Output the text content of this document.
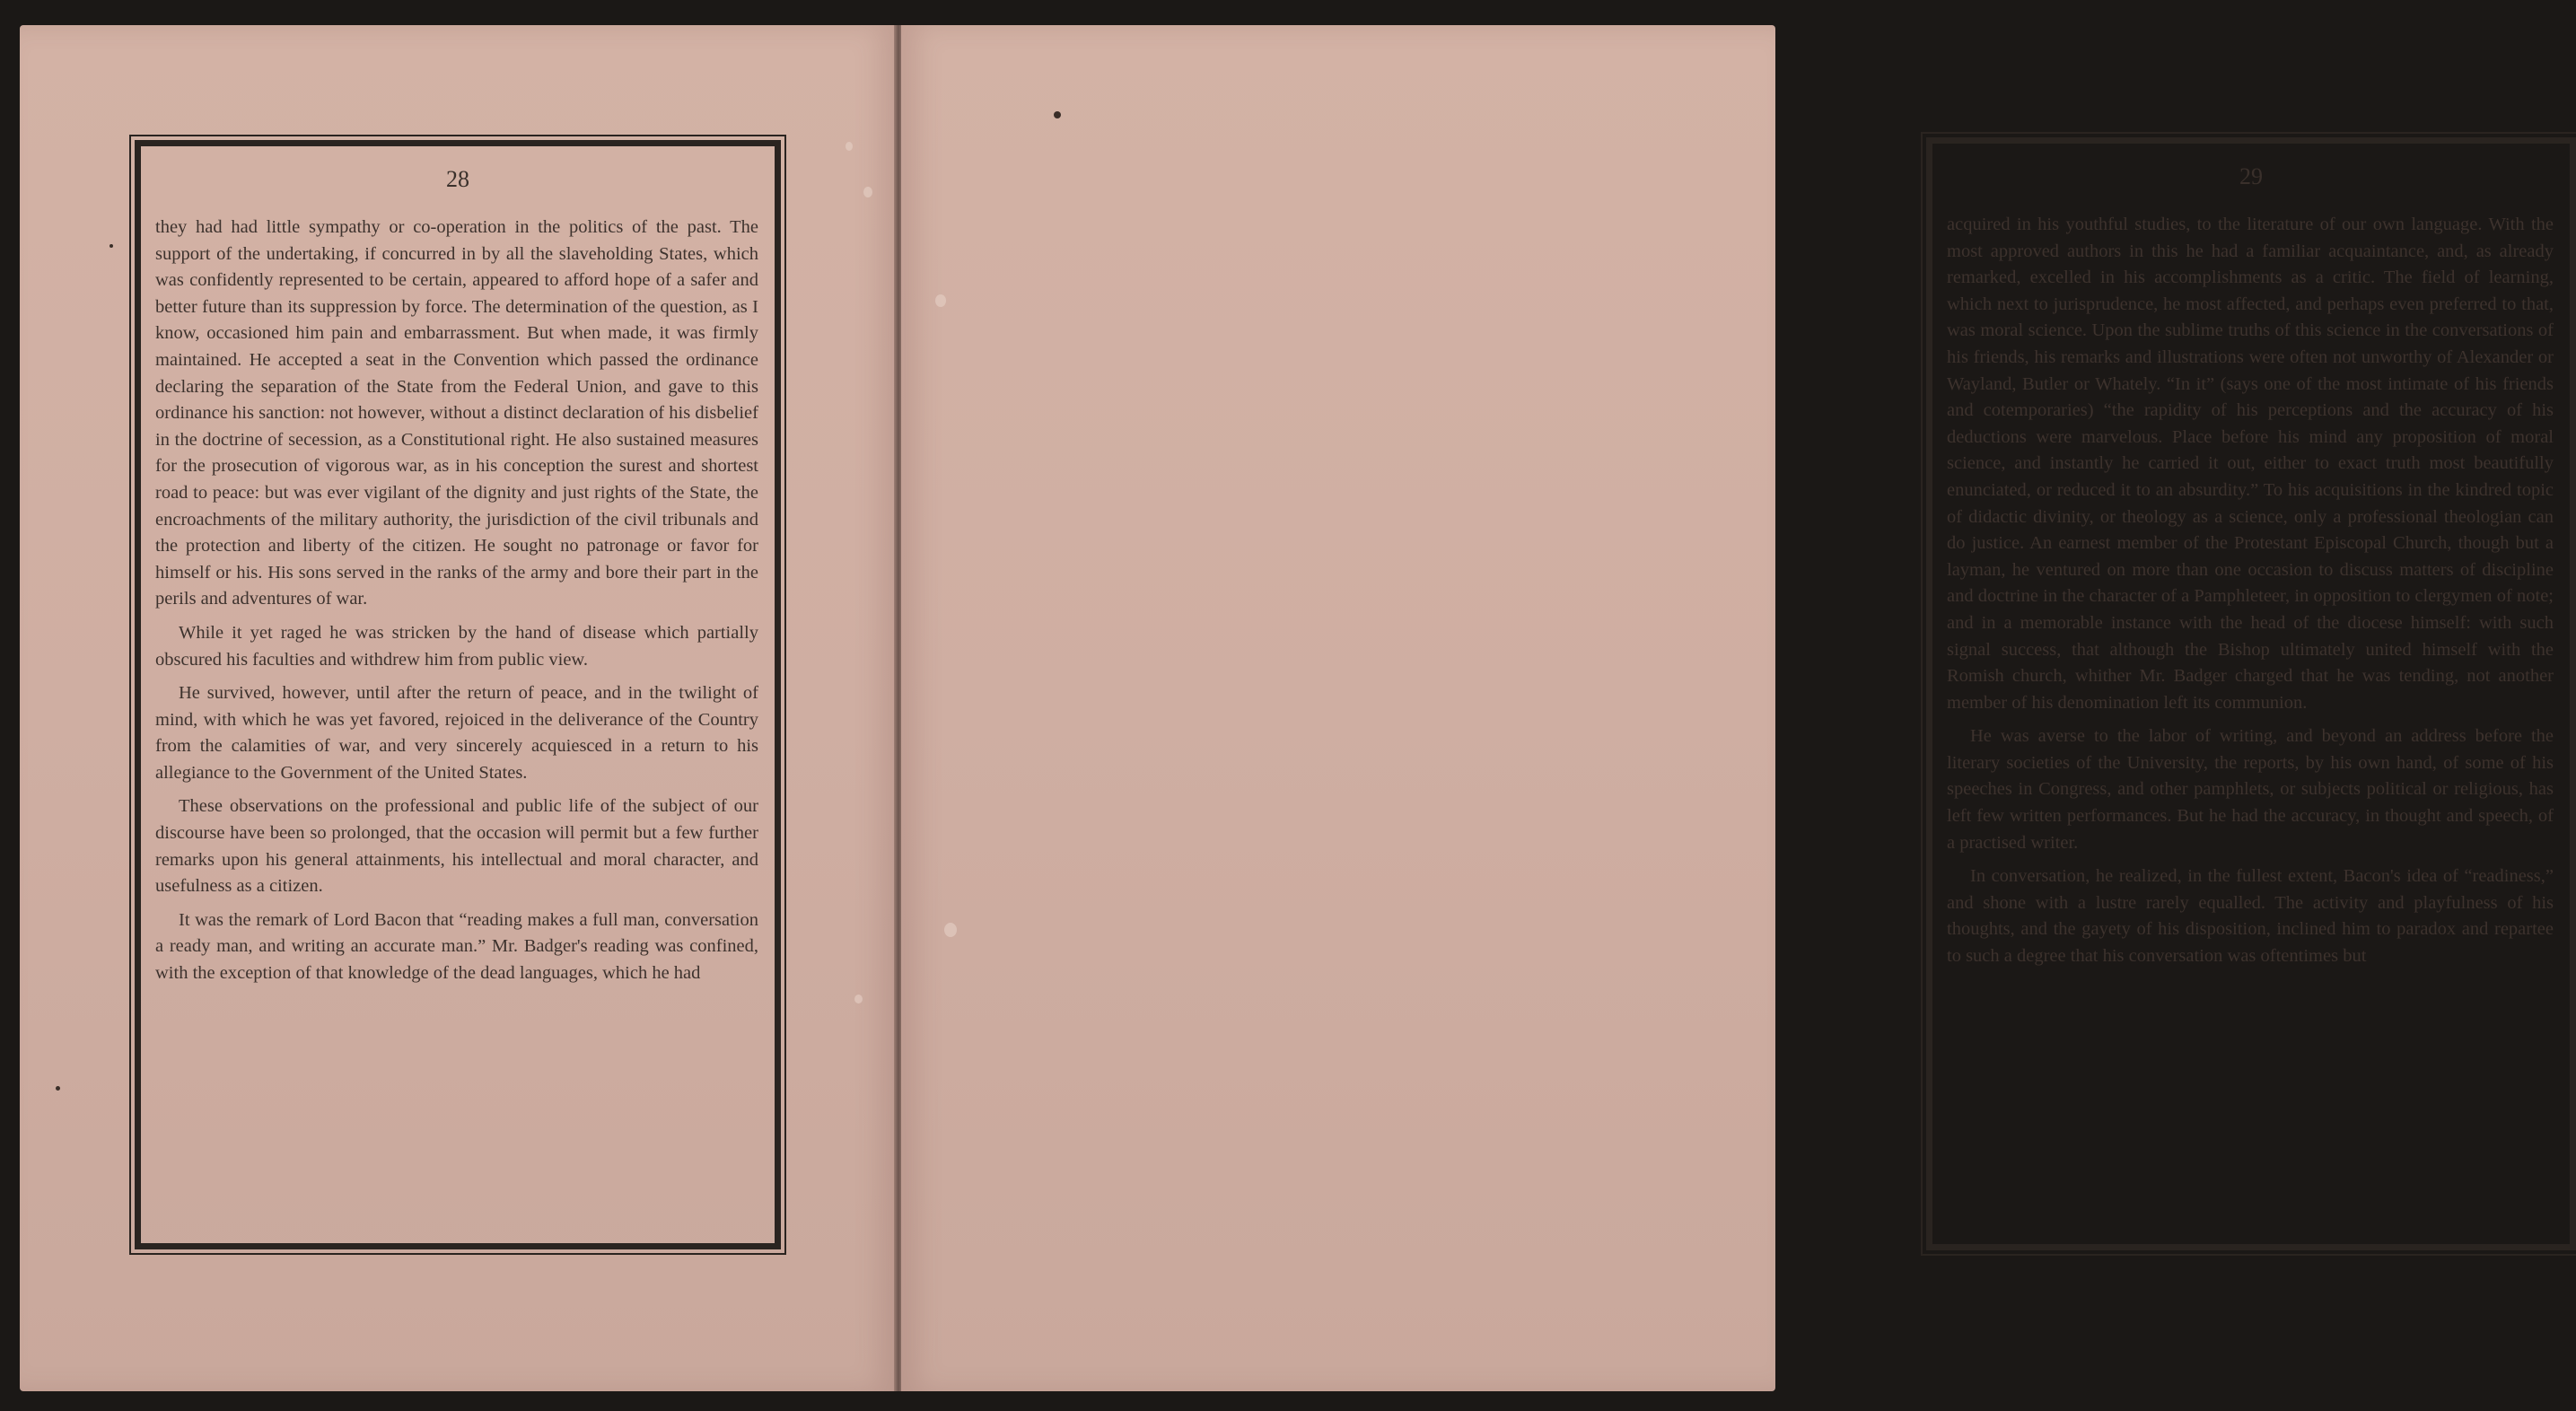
28

they had had little sympathy or co-operation in the politics of the past. The support of the undertaking, if concurred in by all the slaveholding States, which was confidently represented to be certain, appeared to afford hope of a safer and better future than its suppression by force. The determination of the question, as I know, occasioned him pain and embarrassment. But when made, it was firmly maintained. He accepted a seat in the Convention which passed the ordinance declaring the separation of the State from the Federal Union, and gave to this ordinance his sanction: not however, without a distinct declaration of his disbelief in the doctrine of secession, as a Constitutional right. He also sustained measures for the prosecution of vigorous war, as in his conception the surest and shortest road to peace: but was ever vigilant of the dignity and just rights of the State, the encroachments of the military authority, the jurisdiction of the civil tribunals and the protection and liberty of the citizen. He sought no patronage or favor for himself or his. His sons served in the ranks of the army and bore their part in the perils and adventures of war.

While it yet raged he was stricken by the hand of disease which partially obscured his faculties and withdrew him from public view.

He survived, however, until after the return of peace, and in the twilight of mind, with which he was yet favored, rejoiced in the deliverance of the Country from the calamities of war, and very sincerely acquiesced in a return to his allegiance to the Government of the United States.

These observations on the professional and public life of the subject of our discourse have been so prolonged, that the occasion will permit but a few further remarks upon his general attainments, his intellectual and moral character, and usefulness as a citizen.

It was the remark of Lord Bacon that “reading makes a full man, conversation a ready man, and writing an accurate man.” Mr. Badger's reading was confined, with the exception of that knowledge of the dead languages, which he had

29

acquired in his youthful studies, to the literature of our own language. With the most approved authors in this he had a familiar acquaintance, and, as already remarked, excelled in his accomplishments as a critic. The field of learning, which next to jurisprudence, he most affected, and perhaps even preferred to that, was moral science. Upon the sublime truths of this science in the conversations of his friends, his remarks and illustrations were often not unworthy of Alexander or Wayland, Butler or Whately. “In it” (says one of the most intimate of his friends and cotemporaries) “the rapidity of his perceptions and the accuracy of his deductions were marvelous. Place before his mind any proposition of moral science, and instantly he carried it out, either to exact truth most beautifully enunciated, or reduced it to an absurdity.” To his acquisitions in the kindred topic of didactic divinity, or theology as a science, only a professional theologian can do justice. An earnest member of the Protestant Episcopal Church, though but a layman, he ventured on more than one occasion to discuss matters of discipline and doctrine in the character of a Pamphleteer, in opposition to clergymen of note; and in a memorable instance with the head of the diocese himself: with such signal success, that although the Bishop ultimately united himself with the Romish church, whither Mr. Badger charged that he was tending, not another member of his denomination left its communion.

He was averse to the labor of writing, and beyond an address before the literary societies of the University, the reports, by his own hand, of some of his speeches in Congress, and other pamphlets, or subjects political or religious, has left few written performances. But he had the accuracy, in thought and speech, of a practised writer.

In conversation, he realized, in the fullest extent, Bacon's idea of “readiness,” and shone with a lustre rarely equalled. The activity and playfulness of his thoughts, and the gayety of his disposition, inclined him to paradox and repartee to such a degree that his conversation was oftentimes but
